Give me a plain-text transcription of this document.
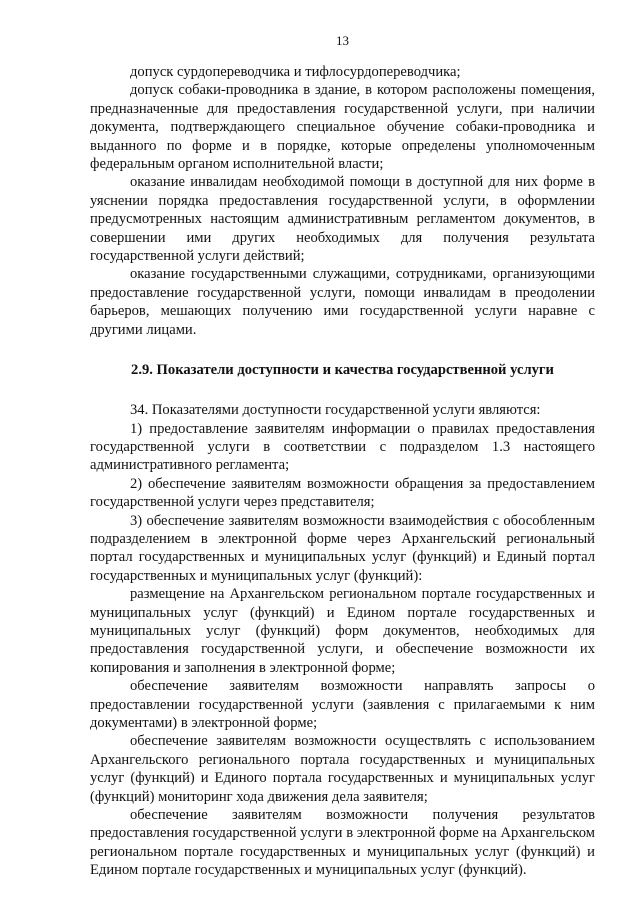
13

допуск сурдопереводчика и тифлосурдопереводчика;

допуск собаки-проводника в здание, в котором расположены помещения, предназначенные для предоставления государственной услуги, при наличии документа, подтверждающего специальное обучение собаки-проводника и выданного по форме и в порядке, которые определены уполномоченным федеральным органом исполнительной власти;

оказание инвалидам необходимой помощи в доступной для них форме в уяснении порядка предоставления государственной услуги, в оформлении предусмотренных настоящим административным регламентом документов, в совершении ими других необходимых для получения результата государственной услуги действий;

оказание государственными служащими, сотрудниками, организующими предоставление государственной услуги, помощи инвалидам в преодолении барьеров, мешающих получению ими государственной услуги наравне с другими лицами.

2.9. Показатели доступности и качества государственной услуги

34. Показателями доступности государственной услуги являются:

1) предоставление заявителям информации о правилах предоставления государственной услуги в соответствии с подразделом 1.3 настоящего административного регламента;

2) обеспечение заявителям возможности обращения за предоставлением государственной услуги через представителя;

3) обеспечение заявителям возможности взаимодействия с обособленным подразделением в электронной форме через Архангельский региональный портал государственных и муниципальных услуг (функций) и Единый портал государственных и муниципальных услуг (функций):

размещение на Архангельском региональном портале государственных и муниципальных услуг (функций) и Едином портале государственных и муниципальных услуг (функций) форм документов, необходимых для предоставления государственной услуги, и обеспечение возможности их копирования и заполнения в электронной форме;

обеспечение заявителям возможности направлять запросы о предоставлении государственной услуги (заявления с прилагаемыми к ним документами) в электронной форме;

обеспечение заявителям возможности осуществлять с использованием Архангельского регионального портала государственных и муниципальных услуг (функций) и Единого портала государственных и муниципальных услуг (функций) мониторинг хода движения дела заявителя;

обеспечение заявителям возможности получения результатов предоставления государственной услуги в электронной форме на Архангельском региональном портале государственных и муниципальных услуг (функций) и Едином портале государственных и муниципальных услуг (функций).
